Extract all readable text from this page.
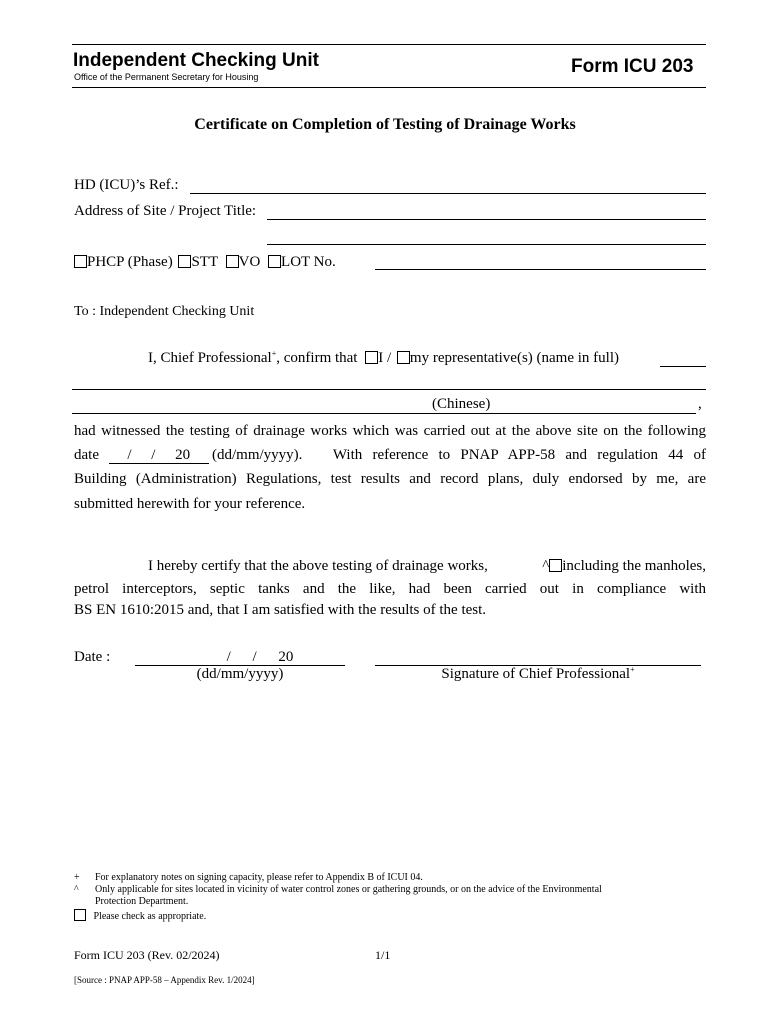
Independent Checking Unit
Office of the Permanent Secretary for Housing	Form ICU 203
Certificate on Completion of Testing of Drainage Works
HD (ICU)’s Ref.:
Address of Site / Project Title:
PHCP (Phase) STT VO LOT No.
To : Independent Checking Unit
I, Chief Professional+, confirm that I / my representative(s) (name in full)
(Chinese)	,
had witnessed the testing of drainage works which was carried out at the above site on the following
date / / 20	(dd/mm/yyyy).   With reference to PNAP APP-58 and regulation 44 of
Building (Administration) Regulations, test results and record plans, duly endorsed by me, are
submitted herewith for your reference.
I hereby certify that the above testing of drainage works,	^ including the manholes,
petrol interceptors, septic tanks and the like, had been carried out in compliance with
BS EN 1610:2015 and, that I am satisfied with the results of the test.
Date :	/ / 20
(dd/mm/yyyy)	Signature of Chief Professional+
+ For explanatory notes on signing capacity, please refer to Appendix B of ICUI 04.
^ Only applicable for sites located in vicinity of water control zones or gathering grounds, or on the advice of the Environmental
Protection Department.
Please check as appropriate.
Form ICU 203 (Rev. 02/2024)	1/1
[Source : PNAP APP-58 – Appendix Rev. 1/2024]
